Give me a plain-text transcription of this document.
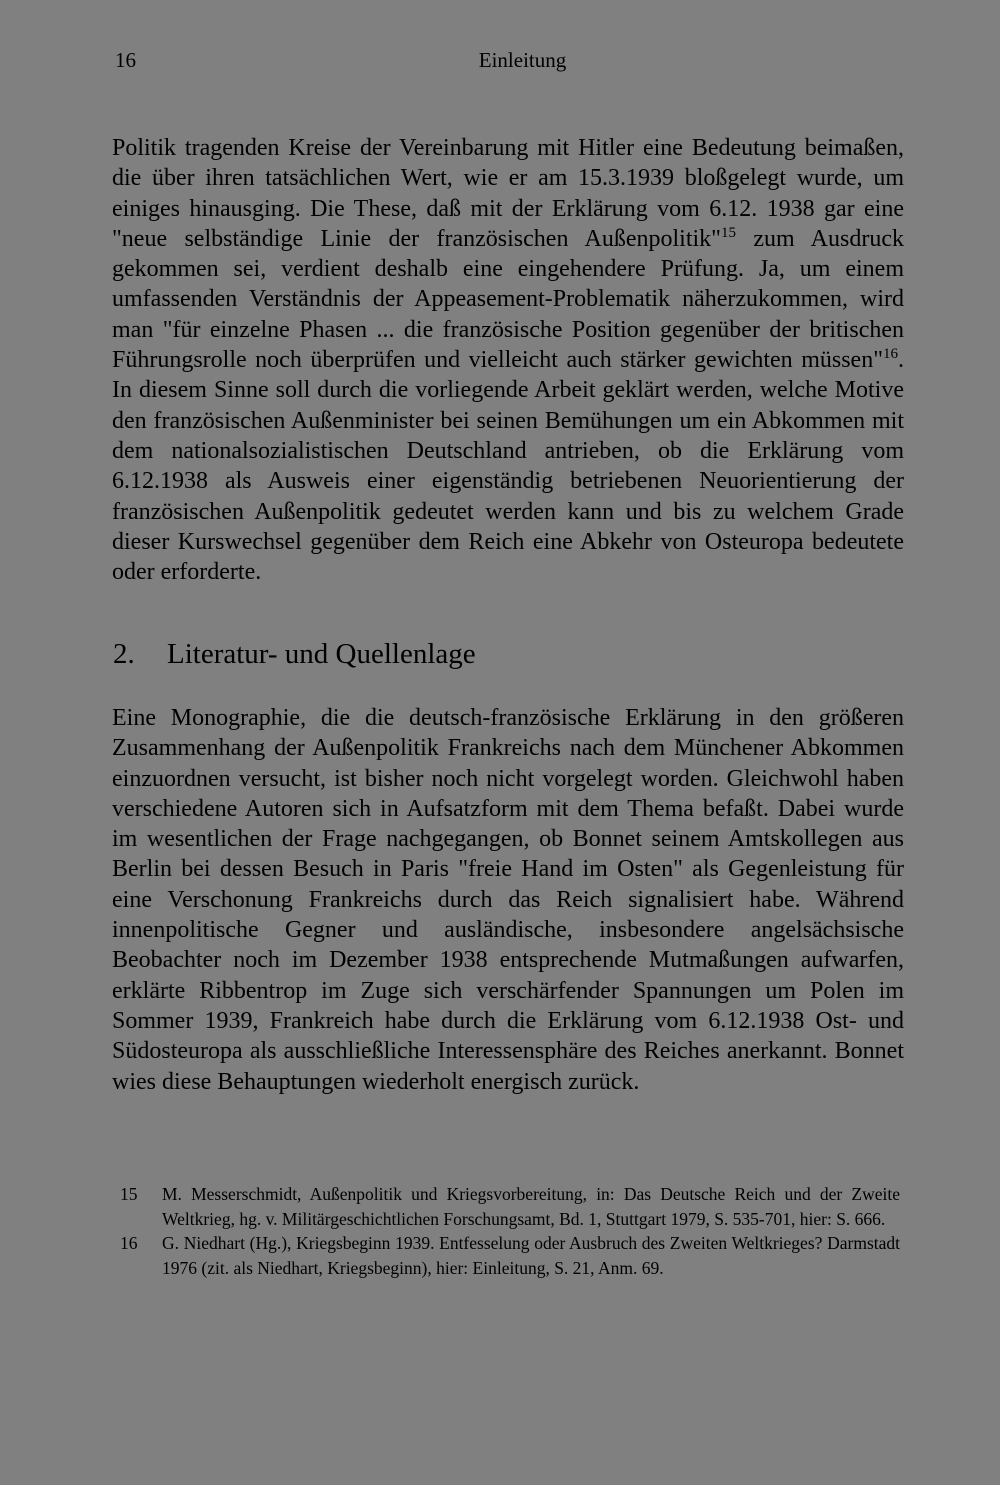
16	Einleitung

Politik tragenden Kreise der Vereinbarung mit Hitler eine Bedeutung beimaßen, die über ihren tatsächlichen Wert, wie er am 15.3.1939 bloßgelegt wurde, um einiges hinausging. Die These, daß mit der Erklärung vom 6.12. 1938 gar eine "neue selbständige Linie der französischen Außenpolitik"$^{15}$ zum Ausdruck gekommen sei, verdient deshalb eine eingehendere Prüfung. Ja, um einem umfassenden Verständnis der Appeasement-Problematik näherzukommen, wird man "für einzelne Phasen ... die französische Position gegenüber der britischen Führungsrolle noch überprüfen und vielleicht auch stärker gewichten müssen"$^{16}$. In diesem Sinne soll durch die vorliegende Arbeit geklärt werden, welche Motive den französischen Außenminister bei seinen Bemühungen um ein Abkommen mit dem nationalsozialistischen Deutschland antrieben, ob die Erklärung vom 6.12.1938 als Ausweis einer eigenständig betriebenen Neuorientierung der französischen Außenpolitik gedeutet werden kann und bis zu welchem Grade dieser Kurswechsel gegenüber dem Reich eine Abkehr von Osteuropa bedeutete oder erforderte.

2. Literatur- und Quellenlage

Eine Monographie, die die deutsch-französische Erklärung in den größeren Zusammenhang der Außenpolitik Frankreichs nach dem Münchener Abkommen einzuordnen versucht, ist bisher noch nicht vorgelegt worden. Gleichwohl haben verschiedene Autoren sich in Aufsatzform mit dem Thema befaßt. Dabei wurde im wesentlichen der Frage nachgegangen, ob Bonnet seinem Amtskollegen aus Berlin bei dessen Besuch in Paris "freie Hand im Osten" als Gegenleistung für eine Verschonung Frankreichs durch das Reich signalisiert habe. Während innenpolitische Gegner und ausländische, insbesondere angelsächsische Beobachter noch im Dezember 1938 entsprechende Mutmaßungen aufwarfen, erklärte Ribbentrop im Zuge sich verschärfender Spannungen um Polen im Sommer 1939, Frankreich habe durch die Erklärung vom 6.12.1938 Ost- und Südosteuropa als ausschließliche Interessensphäre des Reiches anerkannt. Bonnet wies diese Behauptungen wiederholt energisch zurück.

15	M. Messerschmidt, Außenpolitik und Kriegsvorbereitung, in: Das Deutsche Reich und der Zweite Weltkrieg, hg. v. Militärgeschichtlichen Forschungsamt, Bd. 1, Stuttgart 1979, S. 535-701, hier: S. 666.

16	G. Niedhart (Hg.), Kriegsbeginn 1939. Entfesselung oder Ausbruch des Zweiten Weltkrieges? Darmstadt 1976 (zit. als Niedhart, Kriegsbeginn), hier: Einleitung, S. 21, Anm. 69.
